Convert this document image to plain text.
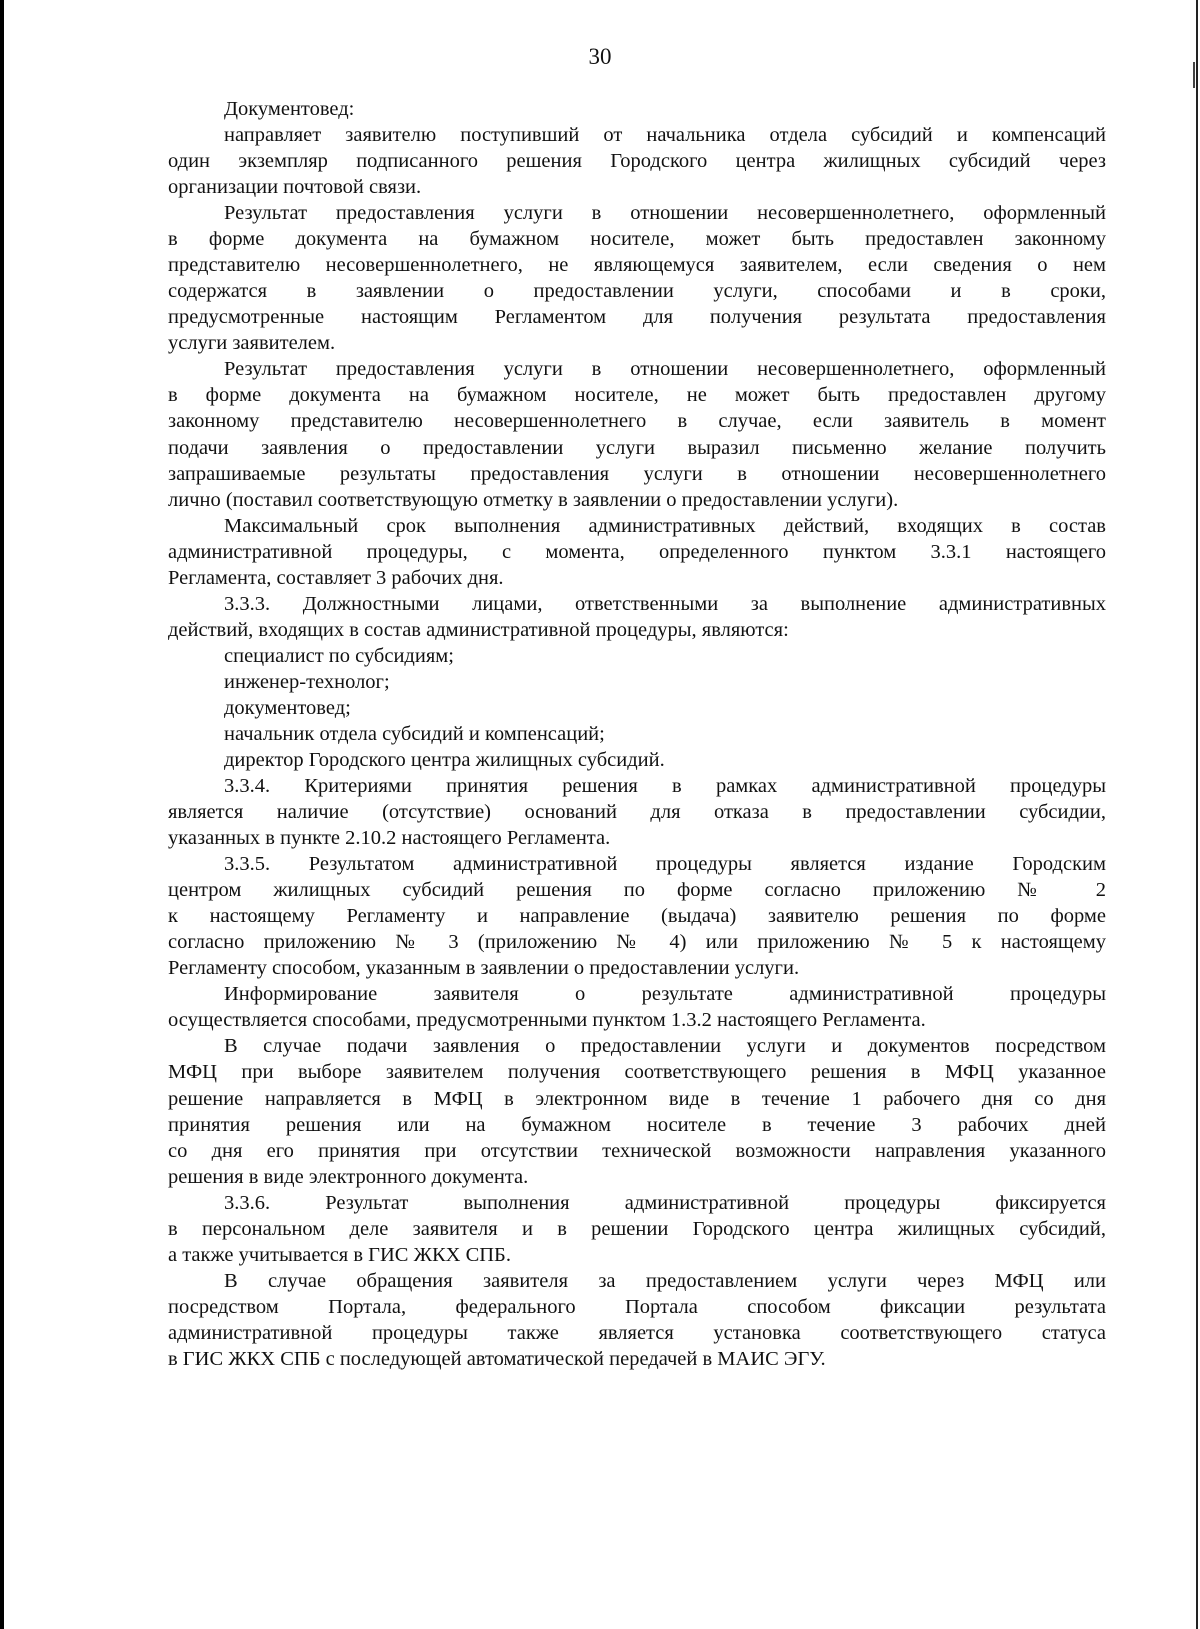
30
Документовед:
направляет заявителю поступивший от начальника отдела субсидий и компенсаций
один экземпляр подписанного решения Городского центра жилищных субсидий через
организации почтовой связи.
Результат предоставления услуги в отношении несовершеннолетнего, оформленный
в форме документа на бумажном носителе, может быть предоставлен законному
представителю несовершеннолетнего, не являющемуся заявителем, если сведения о нем
содержатся в заявлении о предоставлении услуги, способами и в сроки,
предусмотренные настоящим Регламентом для получения результата предоставления
услуги заявителем.
Результат предоставления услуги в отношении несовершеннолетнего, оформленный
в форме документа на бумажном носителе, не может быть предоставлен другому
законному представителю несовершеннолетнего в случае, если заявитель в момент
подачи заявления о предоставлении услуги выразил письменно желание получить
запрашиваемые результаты предоставления услуги в отношении несовершеннолетнего
лично (поставил соответствующую отметку в заявлении о предоставлении услуги).
Максимальный срок выполнения административных действий, входящих в состав
административной процедуры, с момента, определенного пунктом 3.3.1 настоящего
Регламента, составляет 3 рабочих дня.
3.3.3. Должностными лицами, ответственными за выполнение административных
действий, входящих в состав административной процедуры, являются:
специалист по субсидиям;
инженер-технолог;
документовед;
начальник отдела субсидий и компенсаций;
директор Городского центра жилищных субсидий.
3.3.4. Критериями принятия решения в рамках административной процедуры
является наличие (отсутствие) оснований для отказа в предоставлении субсидии,
указанных в пункте 2.10.2 настоящего Регламента.
3.3.5. Результатом административной процедуры является издание Городским
центром жилищных субсидий решения по форме согласно приложению № 2
к настоящему Регламенту и направление (выдача) заявителю решения по форме
согласно приложению № 3 (приложению № 4) или приложению № 5 к настоящему
Регламенту способом, указанным в заявлении о предоставлении услуги.
Информирование заявителя о результате административной процедуры
осуществляется способами, предусмотренными пунктом 1.3.2 настоящего Регламента.
В случае подачи заявления о предоставлении услуги и документов посредством
МФЦ при выборе заявителем получения соответствующего решения в МФЦ указанное
решение направляется в МФЦ в электронном виде в течение 1 рабочего дня со дня
принятия решения или на бумажном носителе в течение 3 рабочих дней
со дня его принятия при отсутствии технической возможности направления указанного
решения в виде электронного документа.
3.3.6. Результат выполнения административной процедуры фиксируется
в персональном деле заявителя и в решении Городского центра жилищных субсидий,
а также учитывается в ГИС ЖКХ СПБ.
В случае обращения заявителя за предоставлением услуги через МФЦ или
посредством Портала, федерального Портала способом фиксации результата
административной процедуры также является установка соответствующего статуса
в ГИС ЖКХ СПБ с последующей автоматической передачей в МАИС ЭГУ.
